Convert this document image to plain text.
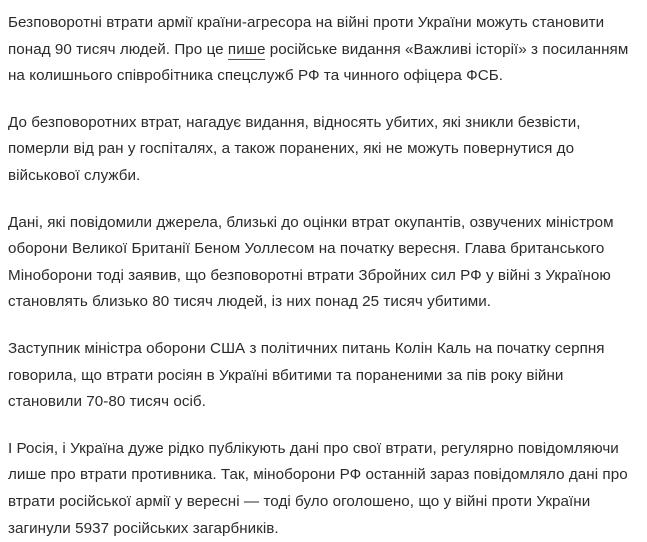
Безповоротні втрати армії країни-агресора на війні проти України можуть становити понад 90 тисяч людей. Про це пише російське видання «Важливі історії» з посиланням на колишнього співробітника спецслужб РФ та чинного офіцера ФСБ.

До безповоротних втрат, нагадує видання, відносять убитих, які зникли безвісти, померли від ран у госпіталях, а також поранених, які не можуть повернутися до військової служби.

Дані, які повідомили джерела, близькі до оцінки втрат окупантів, озвучених міністром оборони Великої Британії Беном Уоллесом на початку вересня. Глава британського Міноборони тоді заявив, що безповоротні втрати Збройних сил РФ у війні з Україною становлять близько 80 тисяч людей, із них понад 25 тисяч убитими.

Заступник міністра оборони США з політичних питань Колін Каль на початку серпня говорила, що втрати росіян в Україні вбитими та пораненими за пів року війни становили 70-80 тисяч осіб.

І Росія, і Україна дуже рідко публікують дані про свої втрати, регулярно повідомляючи лише про втрати противника. Так, міноборони РФ останній зараз повідомляло дані про втрати російської армії у вересні — тоді було оголошено, що у війні проти України загинули 5937 російських загарбників.
